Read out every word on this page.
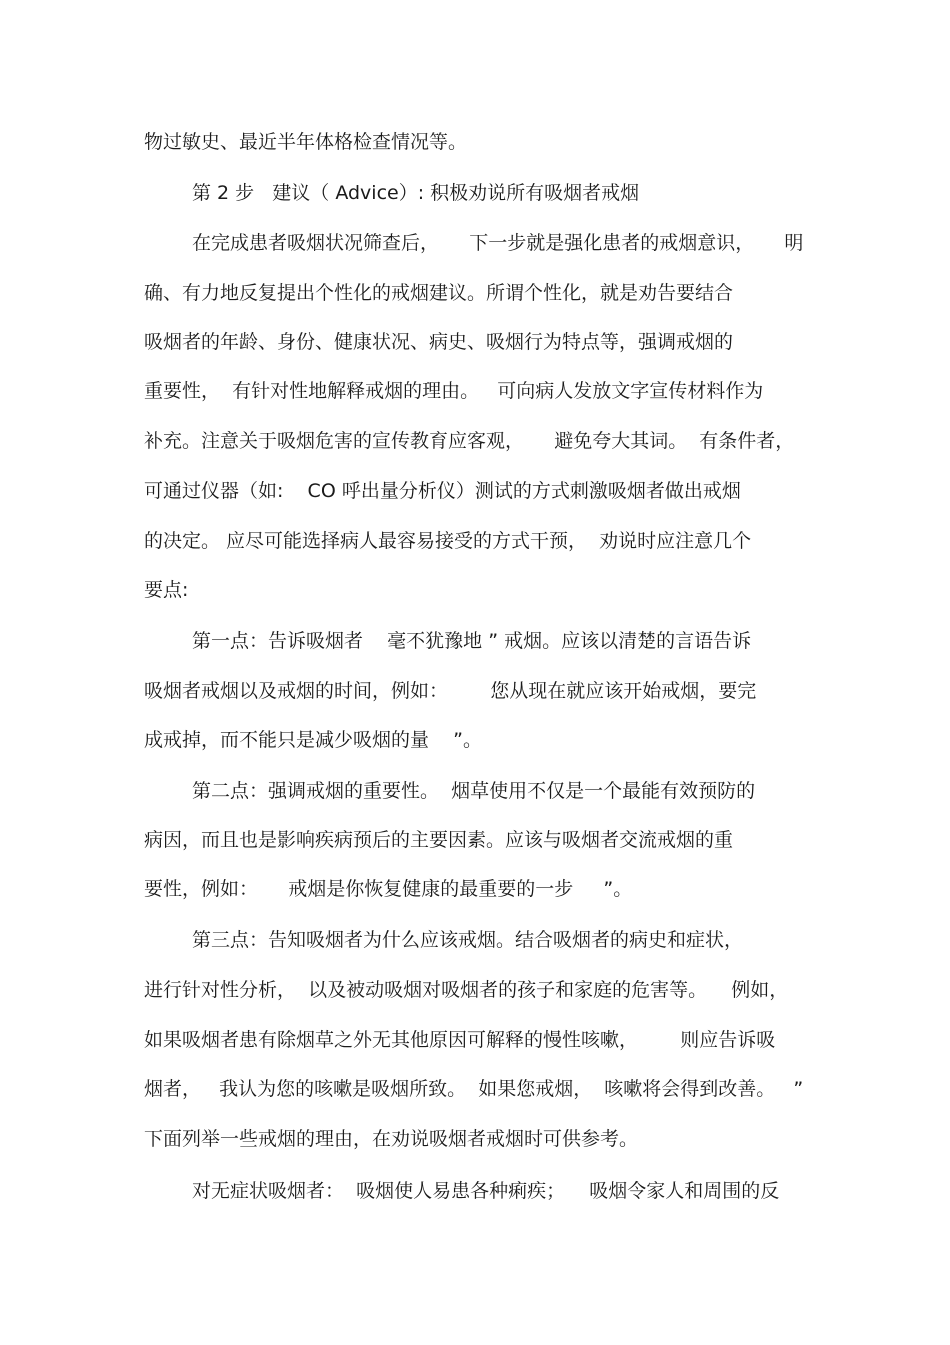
物过敏史、最近半年体格检查情况等。

第 2 步   建议（ Advice）: 积极劝说所有吸烟者戒烟

在完成患者吸烟状况筛查后，     下一步就是强化患者的戒烟意识，     明

确、有力地反复提出个性化的戒烟建议。所谓个性化，就是劝告要结合

吸烟者的年龄、身份、健康状况、病史、吸烟行为特点等，强调戒烟的

重要性，  有针对性地解释戒烟的理由。   可向病人发放文字宣传材料作为

补充。注意关于吸烟危害的宣传教育应客观，     避免夸大其词。  有条件者，

可通过仪器（如:    CO 呼出量分析仪）测试的方式刺激吸烟者做出戒烟

的决定。 应尽可能选择病人最容易接受的方式干预，  劝说时应注意几个

要点:

第一点：告诉吸烟者    毫不犹豫地 ” 戒烟。应该以清楚的言语告诉

吸烟者戒烟以及戒烟的时间，例如：       您从现在就应该开始戒烟，要完

成戒掉，而不能只是减少吸烟的量    ”。

第二点：强调戒烟的重要性。  烟草使用不仅是一个最能有效预防的

病因，而且也是影响疾病预后的主要因素。应该与吸烟者交流戒烟的重

要性，例如：     戒烟是你恢复健康的最重要的一步     ”。

第三点：告知吸烟者为什么应该戒烟。结合吸烟者的病史和症状，

进行针对性分析，  以及被动吸烟对吸烟者的孩子和家庭的危害等。    例如，

如果吸烟者患有除烟草之外无其他原因可解释的慢性咳嗽，       则应告诉吸

烟者，   我认为您的咳嗽是吸烟所致。  如果您戒烟，  咳嗽将会得到改善。   ”

下面列举一些戒烟的理由，在劝说吸烟者戒烟时可供参考。

对无症状吸烟者：  吸烟使人易患各种痢疾；    吸烟令家人和周围的反
